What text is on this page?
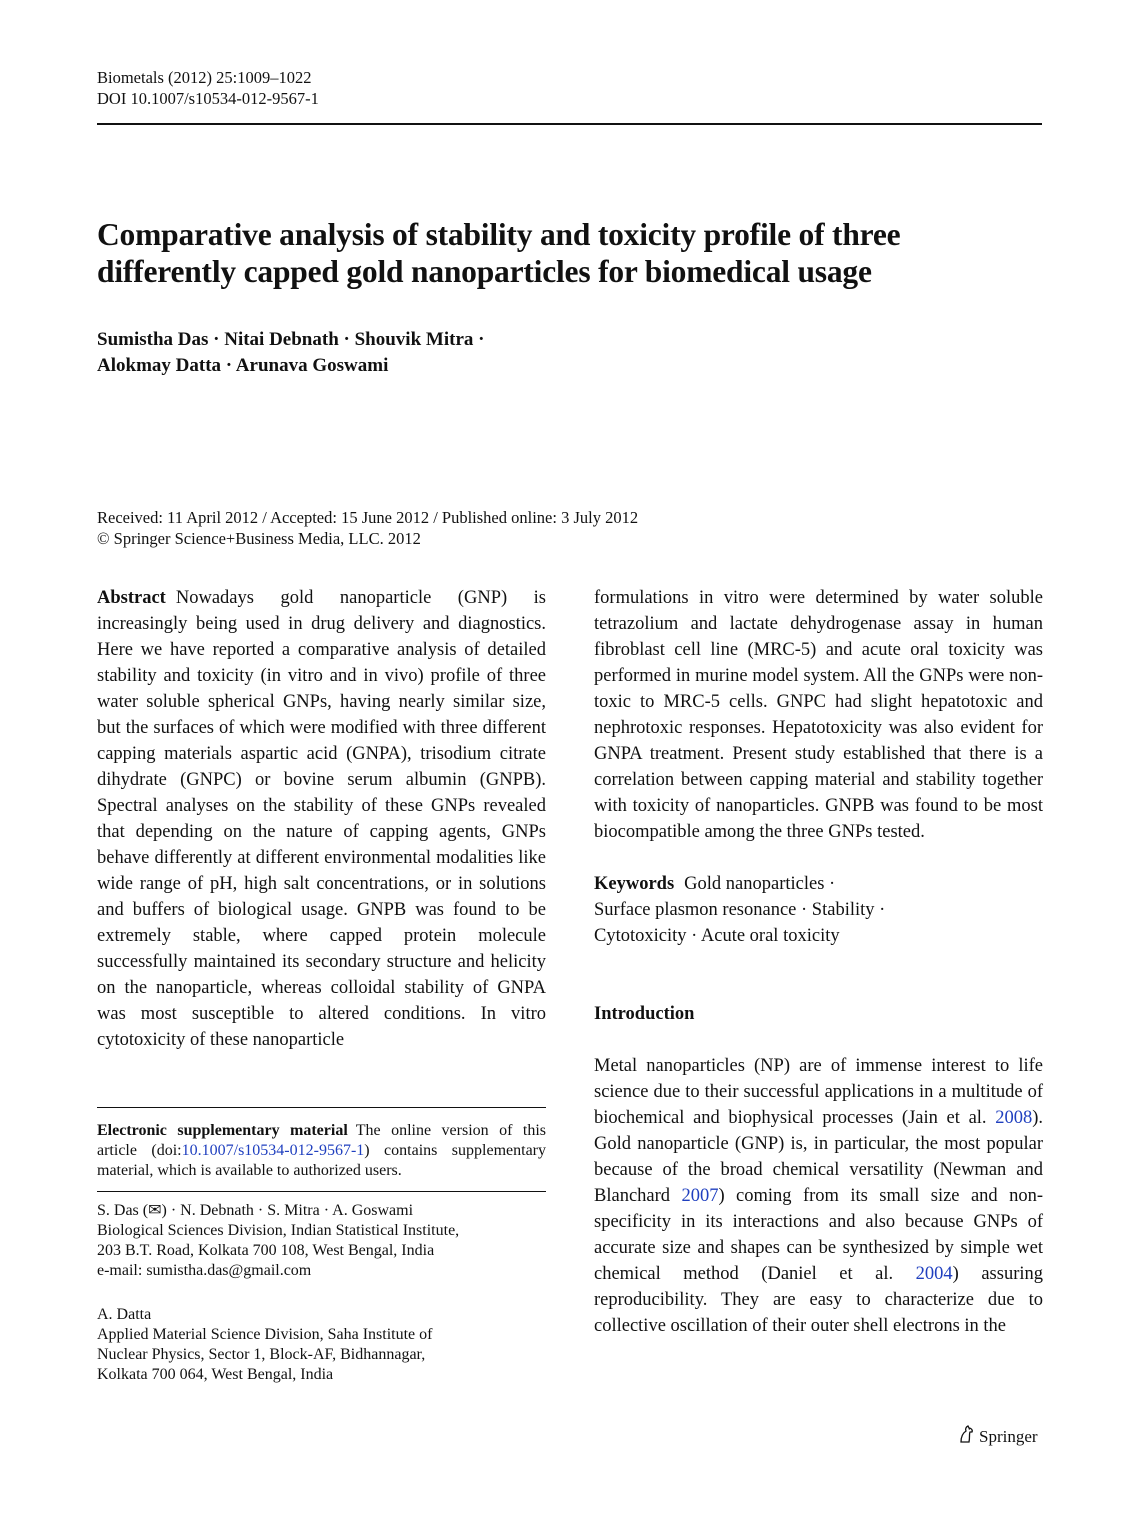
Biometals (2012) 25:1009–1022
DOI 10.1007/s10534-012-9567-1
Comparative analysis of stability and toxicity profile of three differently capped gold nanoparticles for biomedical usage
Sumistha Das · Nitai Debnath · Shouvik Mitra ·
Alokmay Datta · Arunava Goswami
Received: 11 April 2012 / Accepted: 15 June 2012 / Published online: 3 July 2012
© Springer Science+Business Media, LLC. 2012

Abstract Nowadays gold nanoparticle (GNP) is increasingly being used in drug delivery and diagnostics. Here we have reported a comparative analysis of detailed stability and toxicity (in vitro and in vivo) profile of three water soluble spherical GNPs, having nearly similar size, but the surfaces of which were modified with three different capping materials aspartic acid (GNPA), trisodium citrate dihydrate (GNPC) or bovine serum albumin (GNPB). Spectral analyses on the stability of these GNPs revealed that depending on the nature of capping agents, GNPs behave differently at different environmental modalities like wide range of pH, high salt concentrations, or in solutions and buffers of biological usage. GNPB was found to be extremely stable, where capped protein molecule successfully maintained its secondary structure and helicity on the nanoparticle, whereas colloidal stability of GNPA was most susceptible to altered conditions. In vitro cytotoxicity of these nanoparticle

formulations in vitro were determined by water soluble tetrazolium and lactate dehydrogenase assay in human fibroblast cell line (MRC-5) and acute oral toxicity was performed in murine model system. All the GNPs were non-toxic to MRC-5 cells. GNPC had slight hepatotoxic and nephrotoxic responses. Hepatotoxicity was also evident for GNPA treatment. Present study established that there is a correlation between capping material and stability together with toxicity of nanoparticles. GNPB was found to be most biocompatible among the three GNPs tested.

Keywords Gold nanoparticles ·
Surface plasmon resonance · Stability ·
Cytotoxicity · Acute oral toxicity

Introduction

Metal nanoparticles (NP) are of immense interest to life science due to their successful applications in a multitude of biochemical and biophysical processes (Jain et al. 2008). Gold nanoparticle (GNP) is, in particular, the most popular because of the broad chemical versatility (Newman and Blanchard 2007) coming from its small size and non-specificity in its interactions and also because GNPs of accurate size and shapes can be synthesized by simple wet chemical method (Daniel et al. 2004) assuring reproducibility. They are easy to characterize due to collective oscillation of their outer shell electrons in the

Electronic supplementary material The online version of this article (doi:10.1007/s10534-012-9567-1) contains supplementary material, which is available to authorized users.

S. Das (✉) · N. Debnath · S. Mitra · A. Goswami

Biological Sciences Division, Indian Statistical Institute,

203 B.T. Road, Kolkata 700 108, West Bengal, India

e-mail: sumistha.das@gmail.com

A. Datta

Applied Material Science Division, Saha Institute of

Nuclear Physics, Sector 1, Block-AF, Bidhannagar,

Kolkata 700 064, West Bengal, India

Springer
